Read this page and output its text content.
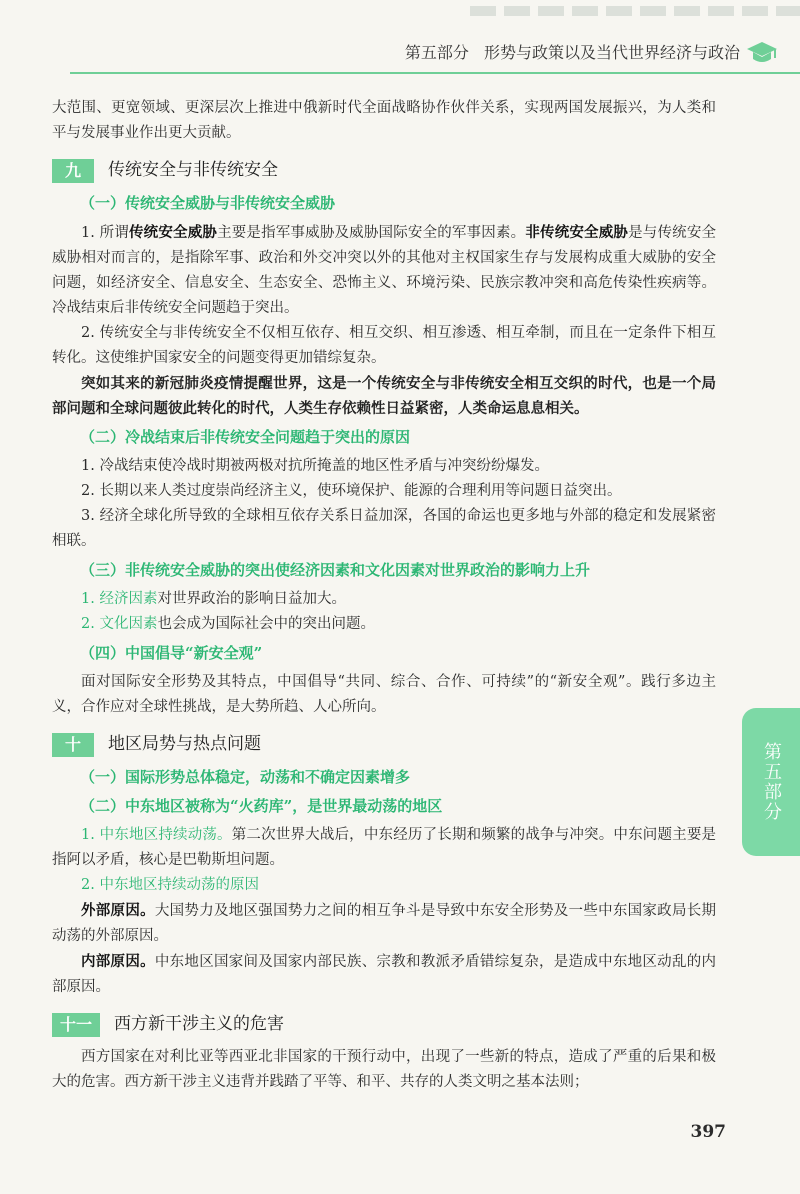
第五部分 形势与政策以及当代世界经济与政治

大范围、更宽领域、更深层次上推进中俄新时代全面战略协作伙伴关系，实现两国发展振兴，为人类和平与发展事业作出更大贡献。

九	传统安全与非传统安全
（一）传统安全威胁与非传统安全威胁

1. 所谓传统安全威胁主要是指军事威胁及威胁国际安全的军事因素。非传统安全威胁是与传统安全威胁相对而言的，是指除军事、政治和外交冲突以外的其他对主权国家生存与发展构成重大威胁的安全问题，如经济安全、信息安全、生态安全、恐怖主义、环境污染、民族宗教冲突和高危传染性疾病等。冷战结束后非传统安全问题趋于突出。

2. 传统安全与非传统安全不仅相互依存、相互交织、相互渗透、相互牵制，而且在一定条件下相互转化。这使维护国家安全的问题变得更加错综复杂。

突如其来的新冠肺炎疫情提醒世界，这是一个传统安全与非传统安全相互交织的时代，也是一个局部问题和全球问题彼此转化的时代，人类生存依赖性日益紧密，人类命运息息相关。

（二）冷战结束后非传统安全问题趋于突出的原因

1. 冷战结束使冷战时期被两极对抗所掩盖的地区性矛盾与冲突纷纷爆发。

2. 长期以来人类过度崇尚经济主义，使环境保护、能源的合理利用等问题日益突出。

3. 经济全球化所导致的全球相互依存关系日益加深，各国的命运也更多地与外部的稳定和发展紧密相联。

（三）非传统安全威胁的突出使经济因素和文化因素对世界政治的影响力上升

1. 经济因素对世界政治的影响日益加大。

2. 文化因素也会成为国际社会中的突出问题。

（四）中国倡导“新安全观”

面对国际安全形势及其特点，中国倡导“共同、综合、合作、可持续”的“新安全观”。践行多边主义，合作应对全球性挑战，是大势所趋、人心所向。

十	地区局势与热点问题
（一）国际形势总体稳定，动荡和不确定因素增多
（二）中东地区被称为“火药库”，是世界最动荡的地区

1. 中东地区持续动荡。第二次世界大战后，中东经历了长期和频繁的战争与冲突。中东问题主要是指阿以矛盾，核心是巴勒斯坦问题。

2. 中东地区持续动荡的原因

外部原因。大国势力及地区强国势力之间的相互争斗是导致中东安全形势及一些中东国家政局长期动荡的外部原因。

内部原因。中东地区国家间及国家内部民族、宗教和教派矛盾错综复杂，是造成中东地区动乱的内部原因。

十一	西方新干涉主义的危害

西方国家在对利比亚等西亚北非国家的干预行动中，出现了一些新的特点，造成了严重的后果和极大的危害。西方新干涉主义违背并践踏了平等、和平、共存的人类文明之基本法则；

第五部分
397
